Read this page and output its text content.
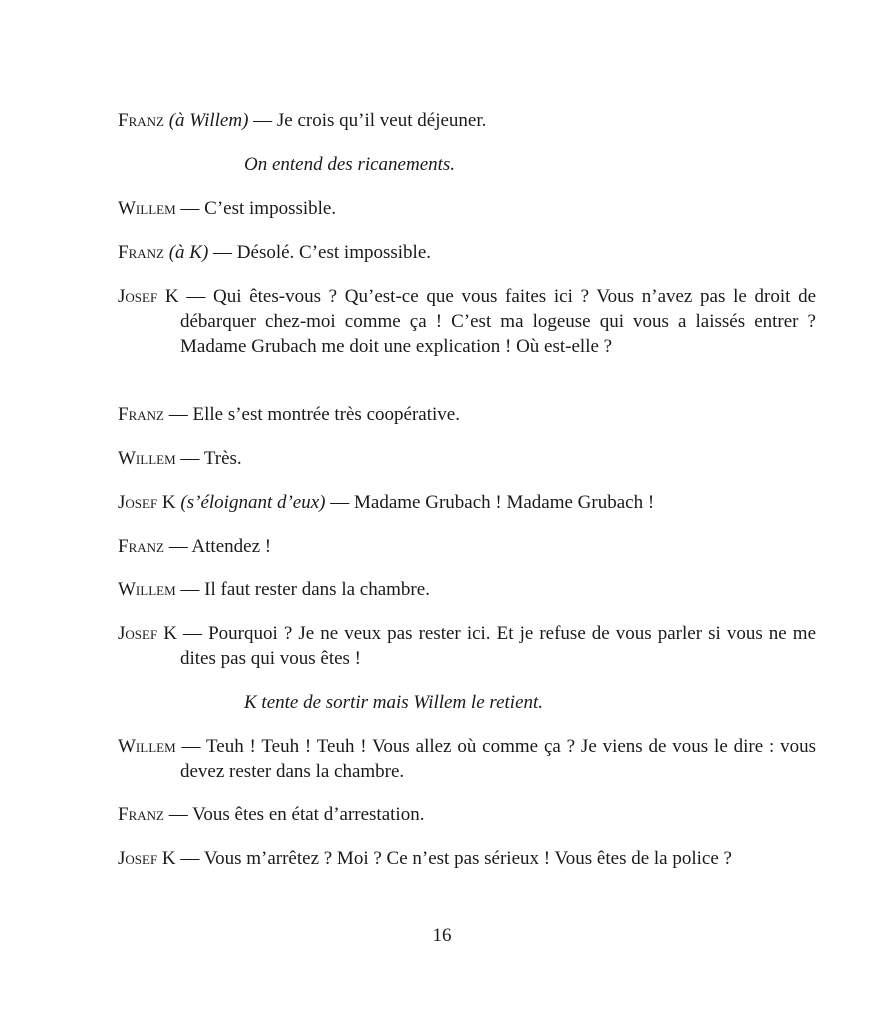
Franz (à Willem) — Je crois qu’il veut déjeuner.
On entend des ricanements.
Willem — C’est impossible.
Franz (à K) — Désolé. C’est impossible.
Josef K — Qui êtes-vous ? Qu’est-ce que vous faites ici ? Vous n’avez pas le droit de débarquer chez-moi comme ça ! C’est ma logeuse qui vous a laissés entrer ? Madame Grubach me doit une explication ! Où est-elle ?
Franz — Elle s’est montrée très coopérative.
Willem — Très.
Josef K (s’éloignant d’eux) — Madame Grubach ! Madame Grubach !
Franz — Attendez !
Willem — Il faut rester dans la chambre.
Josef K — Pourquoi ? Je ne veux pas rester ici. Et je refuse de vous parler si vous ne me dites pas qui vous êtes !
K tente de sortir mais Willem le retient.
Willem — Teuh ! Teuh ! Teuh ! Vous allez où comme ça ? Je viens de vous le dire : vous devez rester dans la chambre.
Franz — Vous êtes en état d’arrestation.
Josef K — Vous m’arrêtez ? Moi ? Ce n’est pas sérieux ! Vous êtes de la police ?
16
